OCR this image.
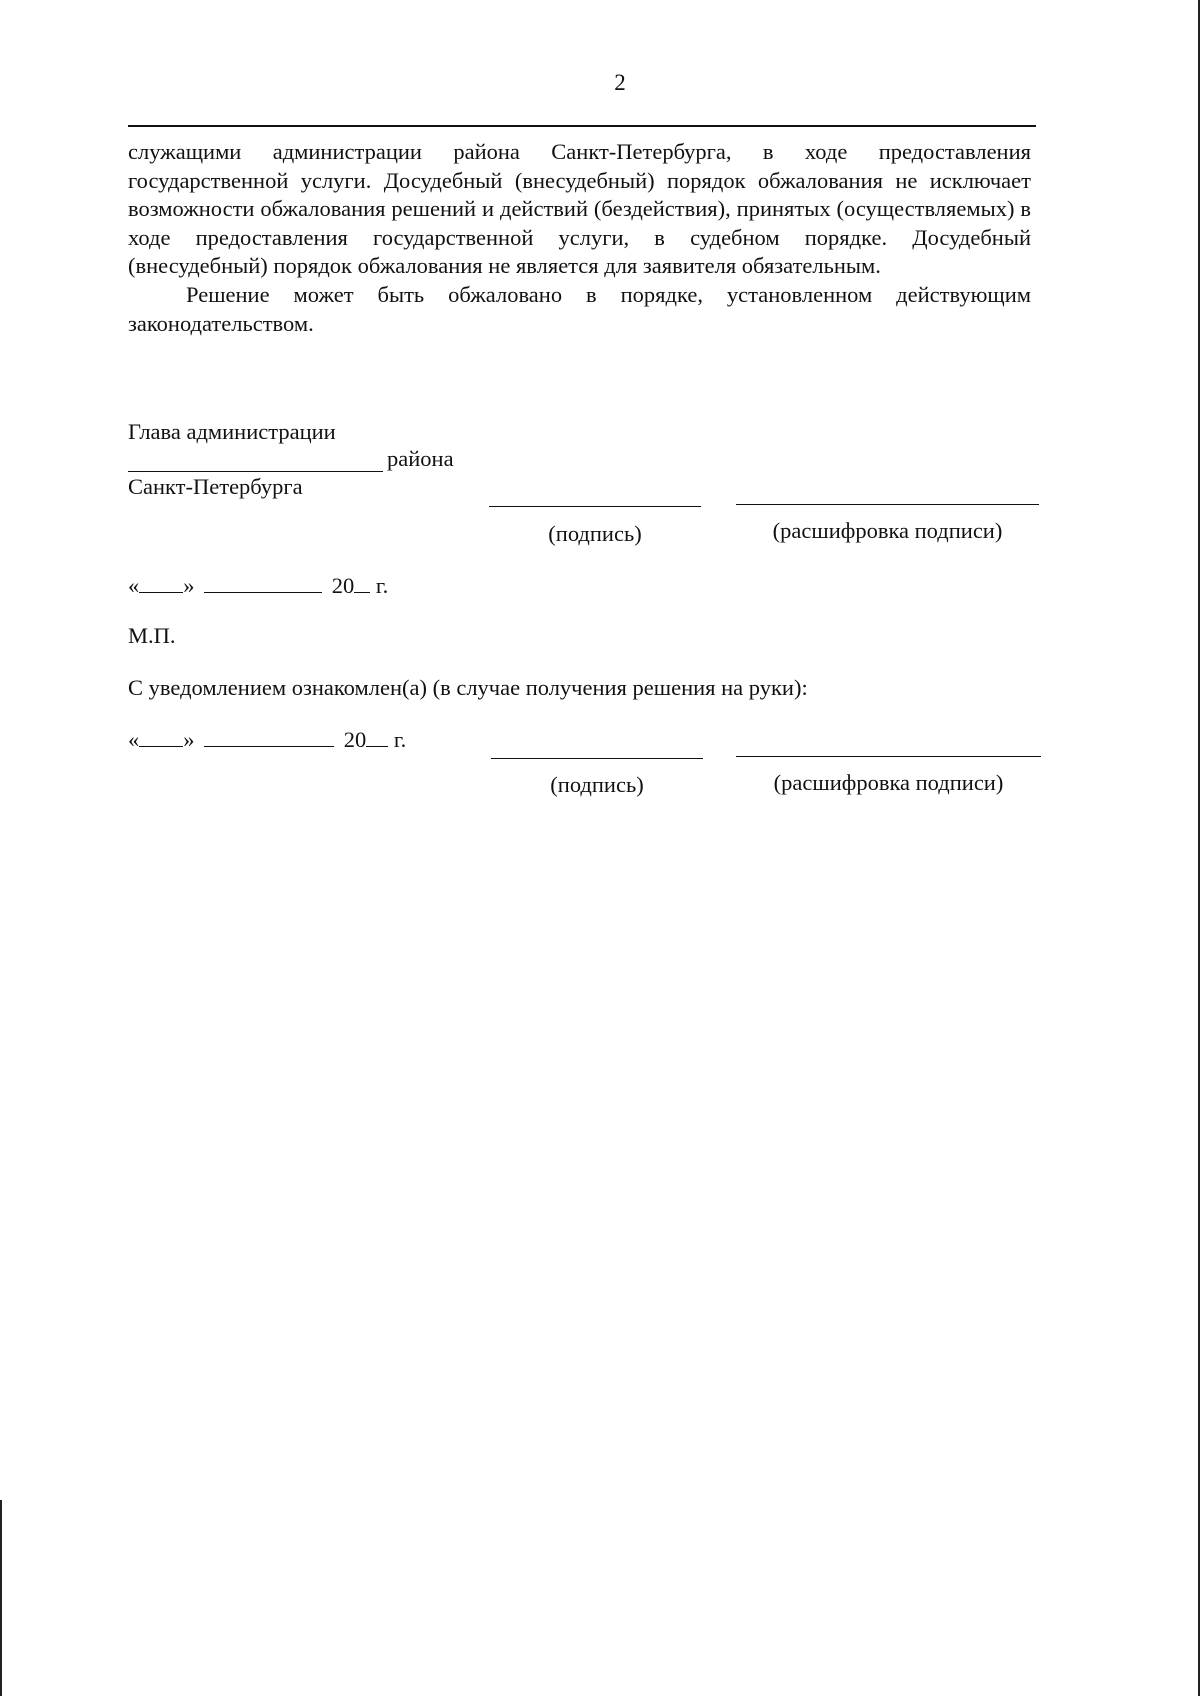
2

служащими администрации района Санкт-Петербурга, в ходе предоставления государственной услуги. Досудебный (внесудебный) порядок обжалования не исключает возможности обжалования решений и действий (бездействия), принятых (осуществляемых) в ходе предоставления государственной услуги, в судебном порядке. Досудебный (внесудебный) порядок обжалования не является для заявителя обязательным.

Решение может быть обжаловано в порядке, установленном действующим законодательством.

Глава администрации
района
Санкт-Петербурга
(подпись)	(расшифровка подписи)
« »	20 г.
М.П.
С уведомлением ознакомлен(а) (в случае получения решения на руки):
« »	20 г.
(подпись)	(расшифровка подписи)
